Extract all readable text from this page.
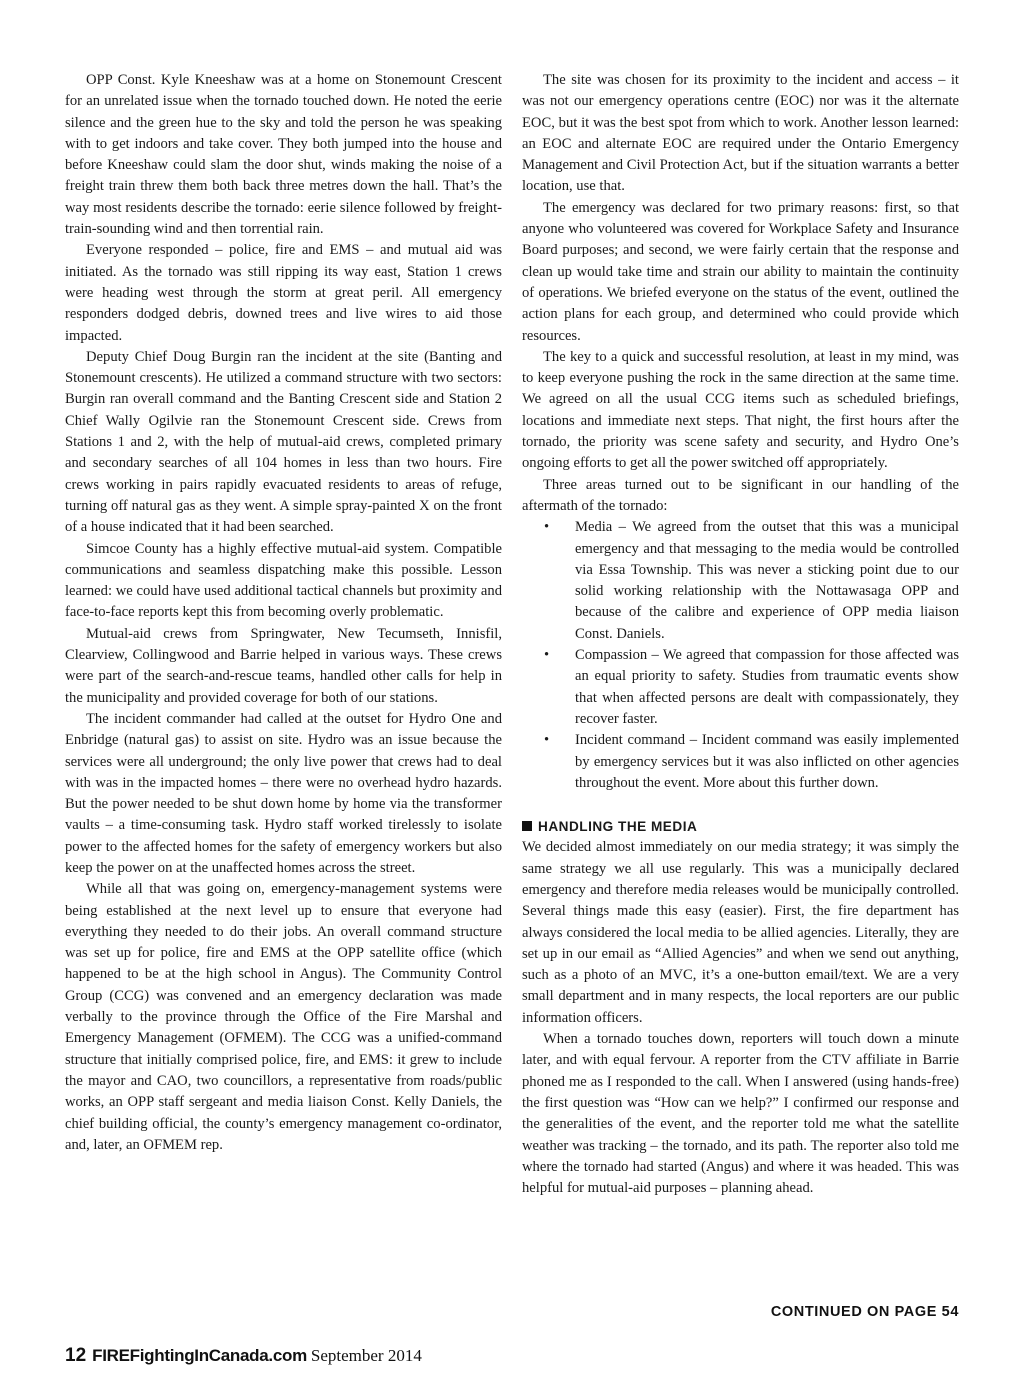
OPP Const. Kyle Kneeshaw was at a home on Stonemount Crescent for an unrelated issue when the tornado touched down. He noted the eerie silence and the green hue to the sky and told the person he was speaking with to get indoors and take cover. They both jumped into the house and before Kneeshaw could slam the door shut, winds making the noise of a freight train threw them both back three metres down the hall. That’s the way most residents describe the tornado: eerie silence followed by freight-train-sounding wind and then torrential rain.

Everyone responded – police, fire and EMS – and mutual aid was initiated. As the tornado was still ripping its way east, Station 1 crews were heading west through the storm at great peril. All emergency responders dodged debris, downed trees and live wires to aid those impacted.

Deputy Chief Doug Burgin ran the incident at the site (Banting and Stonemount crescents). He utilized a command structure with two sectors: Burgin ran overall command and the Banting Crescent side and Station 2 Chief Wally Ogilvie ran the Stonemount Crescent side. Crews from Stations 1 and 2, with the help of mutual-aid crews, completed primary and secondary searches of all 104 homes in less than two hours. Fire crews working in pairs rapidly evacuated residents to areas of refuge, turning off natural gas as they went. A simple spray-painted X on the front of a house indicated that it had been searched.

Simcoe County has a highly effective mutual-aid system. Compatible communications and seamless dispatching make this possible. Lesson learned: we could have used additional tactical channels but proximity and face-to-face reports kept this from becoming overly problematic.

Mutual-aid crews from Springwater, New Tecumseth, Innisfil, Clearview, Collingwood and Barrie helped in various ways. These crews were part of the search-and-rescue teams, handled other calls for help in the municipality and provided coverage for both of our stations.

The incident commander had called at the outset for Hydro One and Enbridge (natural gas) to assist on site. Hydro was an issue because the services were all underground; the only live power that crews had to deal with was in the impacted homes – there were no overhead hydro hazards. But the power needed to be shut down home by home via the transformer vaults – a time-consuming task. Hydro staff worked tirelessly to isolate power to the affected homes for the safety of emergency workers but also keep the power on at the unaffected homes across the street.

While all that was going on, emergency-management systems were being established at the next level up to ensure that everyone had everything they needed to do their jobs. An overall command structure was set up for police, fire and EMS at the OPP satellite office (which happened to be at the high school in Angus). The Community Control Group (CCG) was convened and an emergency declaration was made verbally to the province through the Office of the Fire Marshal and Emergency Management (OFMEM). The CCG was a unified-command structure that initially comprised police, fire, and EMS: it grew to include the mayor and CAO, two councillors, a representative from roads/public works, an OPP staff sergeant and media liaison Const. Kelly Daniels, the chief building official, the county’s emergency management co-ordinator, and, later, an OFMEM rep.

The site was chosen for its proximity to the incident and access – it was not our emergency operations centre (EOC) nor was it the alternate EOC, but it was the best spot from which to work. Another lesson learned: an EOC and alternate EOC are required under the Ontario Emergency Management and Civil Protection Act, but if the situation warrants a better location, use that.

The emergency was declared for two primary reasons: first, so that anyone who volunteered was covered for Workplace Safety and Insurance Board purposes; and second, we were fairly certain that the response and clean up would take time and strain our ability to maintain the continuity of operations. We briefed everyone on the status of the event, outlined the action plans for each group, and determined who could provide which resources.

The key to a quick and successful resolution, at least in my mind, was to keep everyone pushing the rock in the same direction at the same time. We agreed on all the usual CCG items such as scheduled briefings, locations and immediate next steps. That night, the first hours after the tornado, the priority was scene safety and security, and Hydro One’s ongoing efforts to get all the power switched off appropriately.

Three areas turned out to be significant in our handling of the aftermath of the tornado:

• Media – We agreed from the outset that this was a municipal emergency and that messaging to the media would be controlled via Essa Township. This was never a sticking point due to our solid working relationship with the Nottawasaga OPP and because of the calibre and experience of OPP media liaison Const. Daniels.
• Compassion – We agreed that compassion for those affected was an equal priority to safety. Studies from traumatic events show that when affected persons are dealt with compassionately, they recover faster.
• Incident command – Incident command was easily implemented by emergency services but it was also inflicted on other agencies throughout the event. More about this further down.
HANDLING THE MEDIA

We decided almost immediately on our media strategy; it was simply the same strategy we all use regularly. This was a municipally declared emergency and therefore media releases would be municipally controlled. Several things made this easy (easier). First, the fire department has always considered the local media to be allied agencies. Literally, they are set up in our email as “Allied Agencies” and when we send out anything, such as a photo of an MVC, it’s a one-button email/text. We are a very small department and in many respects, the local reporters are our public information officers.

When a tornado touches down, reporters will touch down a minute later, and with equal fervour. A reporter from the CTV affiliate in Barrie phoned me as I responded to the call. When I answered (using hands-free) the first question was “How can we help?” I confirmed our response and the generalities of the event, and the reporter told me what the satellite weather was tracking – the tornado, and its path. The reporter also told me where the tornado had started (Angus) and where it was headed. This was helpful for mutual-aid purposes – planning ahead.

CONTINUED ON PAGE 54
12 FIREFightingInCanada.com September 2014
